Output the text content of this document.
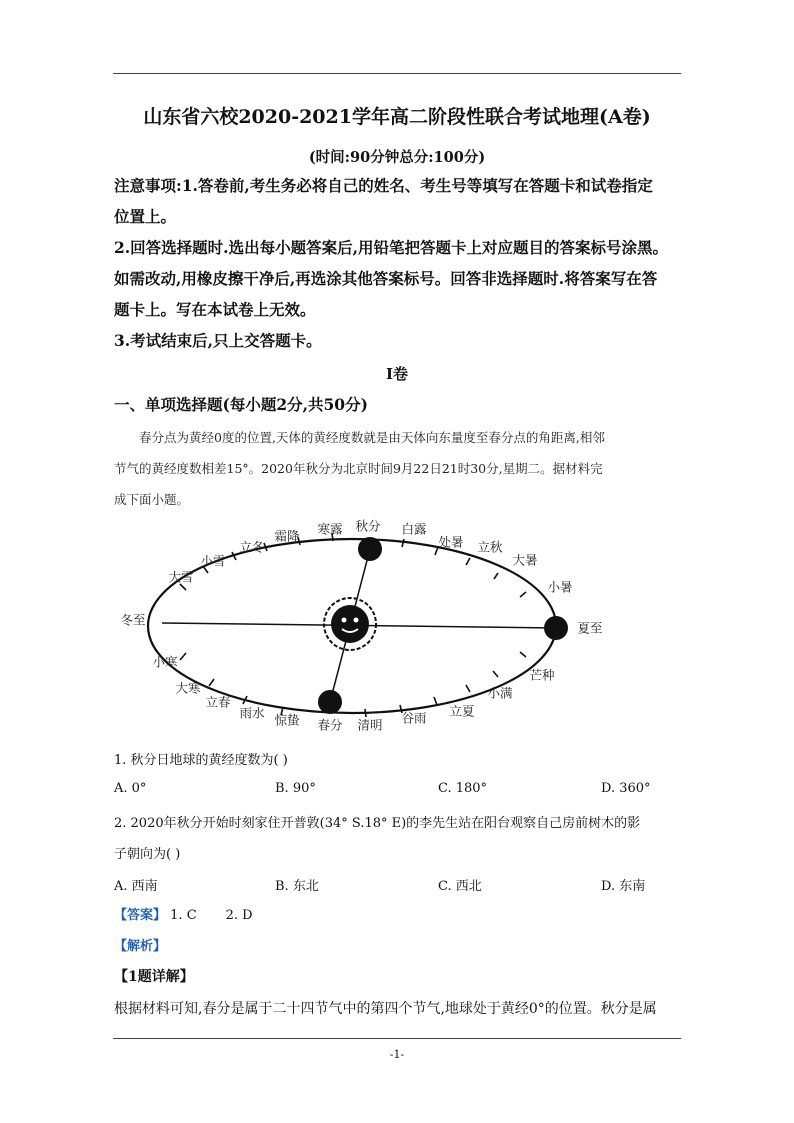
山东省六校2020-2021学年高二阶段性联合考试地理(A卷)
(时间:90分钟总分:100分)

注意事项:1.答卷前,考生务必将自己的姓名、考生号等填写在答题卡和试卷指定

位置上。

2.回答选择题时.选出每小题答案后,用铅笔把答题卡上对应题目的答案标号涂黑。

如需改动,用橡皮擦干净后,再选涂其他答案标号。回答非选择题时.将答案写在答

题卡上。写在本试卷上无效。

3.考试结束后,只上交答题卡。

I卷
一、单项选择题(每小题2分,共50分)

春分点为黄经0度的位置,天体的黄经度数就是由天体向东量度至春分点的角距离,相邻

节气的黄经度数相差15°。2020年秋分为北京时间9月22日21时30分,星期二。据材料完

成下面小题。

冬至
小寒
大寒
立春
雨水 惊蛰 春分 清明 谷雨 立夏
小满
芒种
夏至
小暑
大暑
立秋
处暑
白露
秋分
寒露
霜降
立冬
小雪
大雪
1. 秋分日地球的黄经度数为( )
A. 0°	B. 90°	C. 180°	D. 360°
2. 2020年秋分开始时刻家住开普敦(34° S.18° E)的李先生站在阳台观察自己房前树木的影
子朝向为( )
A. 西南	B. 东北	C. 西北	D. 东南
【答案】 1. C       2. D
【解析】
【1题详解】
根据材料可知,春分是属于二十四节气中的第四个节气,地球处于黄经0°的位置。秋分是属
-1-
